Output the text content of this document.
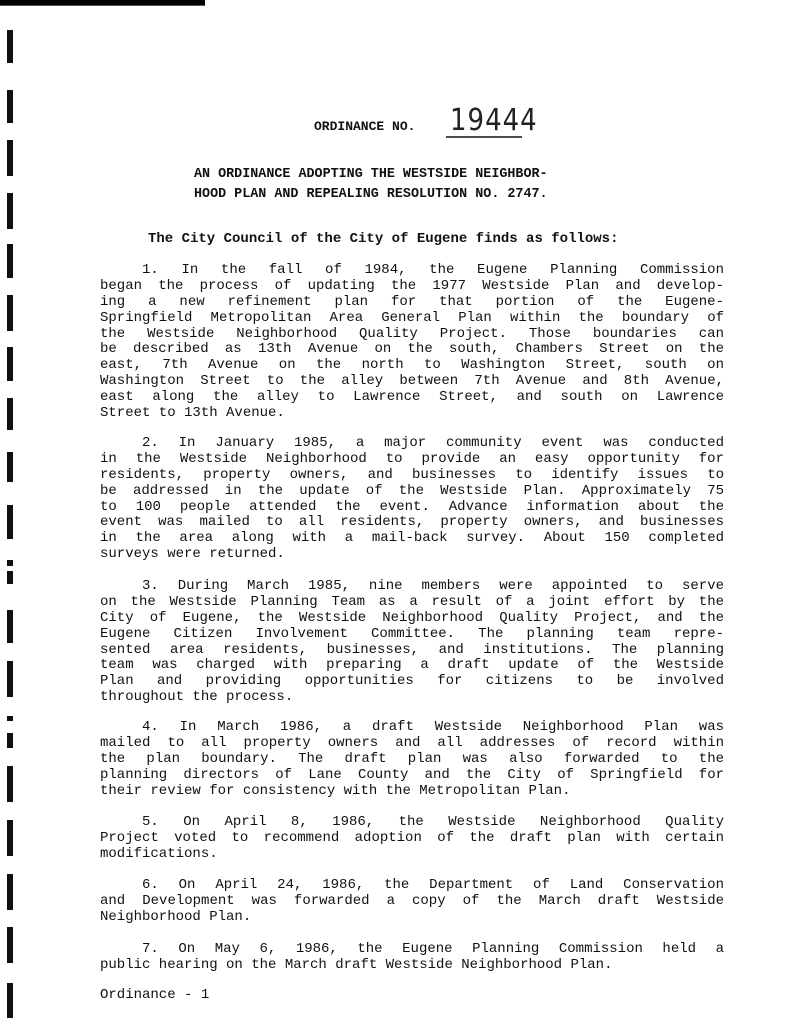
ORDINANCE NO. 19444
AN ORDINANCE ADOPTING THE WESTSIDE NEIGHBOR-
HOOD PLAN AND REPEALING RESOLUTION NO. 2747.
The City Council of the City of Eugene finds as follows:
1. In the fall of 1984, the Eugene Planning Commission
began the process of updating the 1977 Westside Plan and develop-
ing a new refinement plan for that portion of the Eugene-
Springfield Metropolitan Area General Plan within the boundary of
the Westside Neighborhood Quality Project. Those boundaries can
be described as 13th Avenue on the south, Chambers Street on the
east, 7th Avenue on the north to Washington Street, south on
Washington Street to the alley between 7th Avenue and 8th Avenue,
east along the alley to Lawrence Street, and south on Lawrence
Street to 13th Avenue.
2. In January 1985, a major community event was conducted
in the Westside Neighborhood to provide an easy opportunity for
residents, property owners, and businesses to identify issues to
be addressed in the update of the Westside Plan. Approximately 75
to 100 people attended the event. Advance information about the
event was mailed to all residents, property owners, and businesses
in the area along with a mail-back survey. About 150 completed
surveys were returned.
3. During March 1985, nine members were appointed to serve
on the Westside Planning Team as a result of a joint effort by the
City of Eugene, the Westside Neighborhood Quality Project, and the
Eugene Citizen Involvement Committee. The planning team repre-
sented area residents, businesses, and institutions. The planning
team was charged with preparing a draft update of the Westside
Plan and providing opportunities for citizens to be involved
throughout the process.
4. In March 1986, a draft Westside Neighborhood Plan was
mailed to all property owners and all addresses of record within
the plan boundary. The draft plan was also forwarded to the
planning directors of Lane County and the City of Springfield for
their review for consistency with the Metropolitan Plan.
5. On April 8, 1986, the Westside Neighborhood Quality
Project voted to recommend adoption of the draft plan with certain
modifications.
6. On April 24, 1986, the Department of Land Conservation
and Development was forwarded a copy of the March draft Westside
Neighborhood Plan.
7. On May 6, 1986, the Eugene Planning Commission held a
public hearing on the March draft Westside Neighborhood Plan.
Ordinance - 1
